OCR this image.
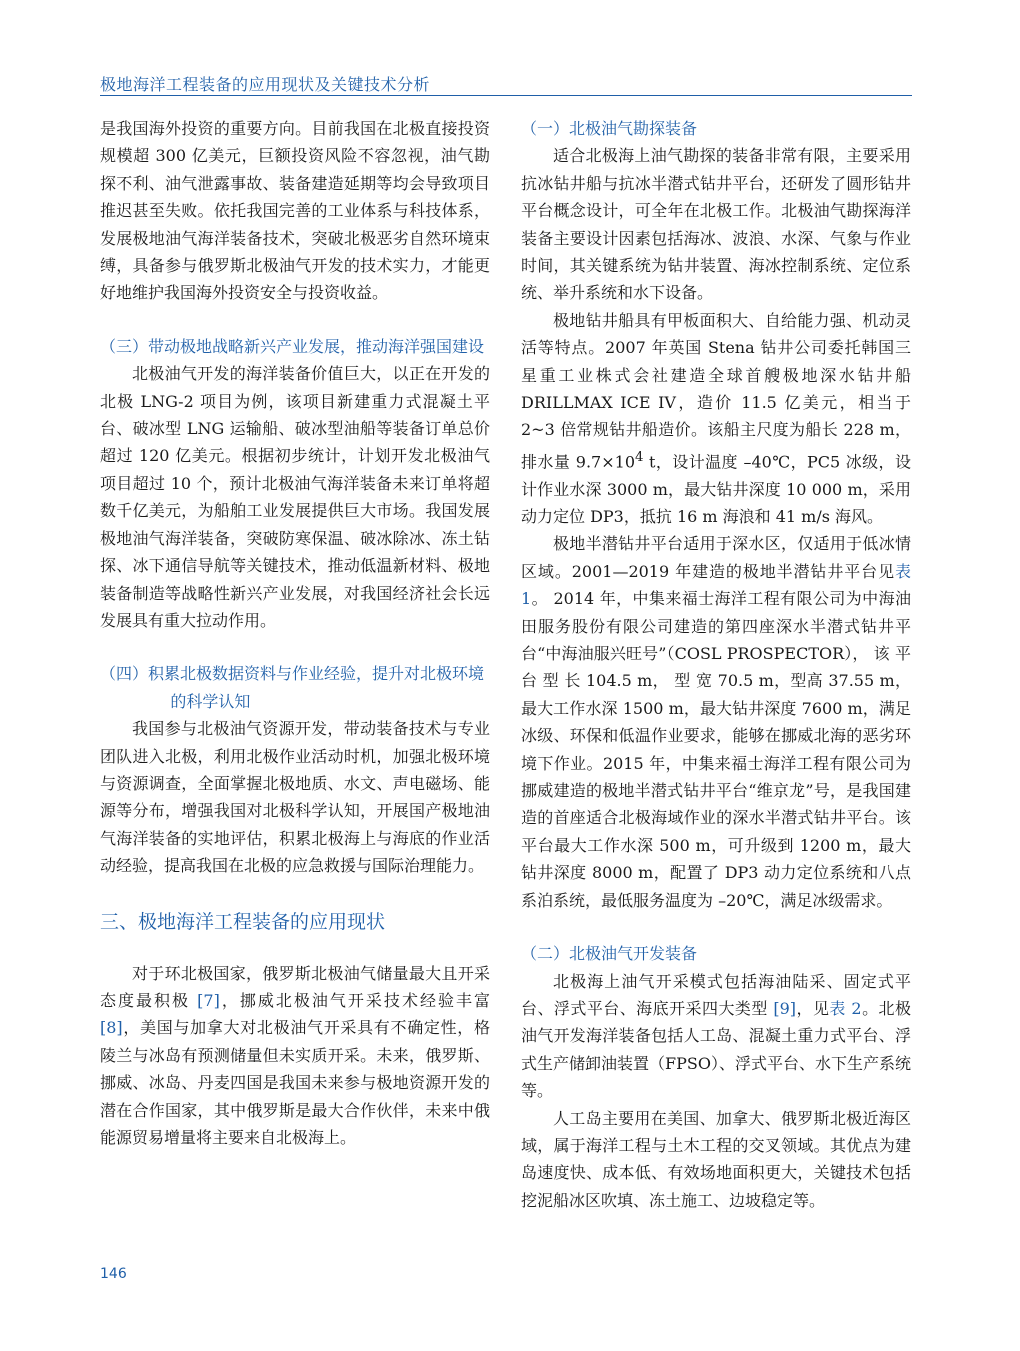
极地海洋工程装备的应用现状及关键技术分析

是我国海外投资的重要方向。目前我国在北极直接投资规模超 300 亿美元，巨额投资风险不容忽视，油气勘探不利、油气泄露事故、装备建造延期等均会导致项目推迟甚至失败。依托我国完善的工业体系与科技体系，发展极地油气海洋装备技术，突破北极恶劣自然环境束缚，具备参与俄罗斯北极油气开发的技术实力，才能更好地维护我国海外投资安全与投资收益。

（三）带动极地战略新兴产业发展，推动海洋强国建设

北极油气开发的海洋装备价值巨大，以正在开发的北极 LNG-2 项目为例，该项目新建重力式混凝土平台、破冰型 LNG 运输船、破冰型油船等装备订单总价超过 120 亿美元。根据初步统计，计划开发北极油气项目超过 10 个，预计北极油气海洋装备未来订单将超数千亿美元，为船舶工业发展提供巨大市场。我国发展极地油气海洋装备，突破防寒保温、破冰除冰、冻土钻探、冰下通信导航等关键技术，推动低温新材料、极地装备制造等战略性新兴产业发展，对我国经济社会长远发展具有重大拉动作用。

（四）积累北极数据资料与作业经验，提升对北极环境的科学认知

我国参与北极油气资源开发，带动装备技术与专业团队进入北极，利用北极作业活动时机，加强北极环境与资源调查，全面掌握北极地质、水文、声电磁场、能源等分布，增强我国对北极科学认知，开展国产极地油气海洋装备的实地评估，积累北极海上与海底的作业活动经验，提高我国在北极的应急救援与国际治理能力。

三、极地海洋工程装备的应用现状

对于环北极国家，俄罗斯北极油气储量最大且开采态度最积极 [7]，挪威北极油气开采技术经验丰富 [8]，美国与加拿大对北极油气开采具有不确定性，格陵兰与冰岛有预测储量但未实质开采。未来，俄罗斯、挪威、冰岛、丹麦四国是我国未来参与极地资源开发的潜在合作国家，其中俄罗斯是最大合作伙伴，未来中俄能源贸易增量将主要来自北极海上。

（一）北极油气勘探装备

适合北极海上油气勘探的装备非常有限，主要采用抗冰钻井船与抗冰半潜式钻井平台，还研发了圆形钻井平台概念设计，可全年在北极工作。北极油气勘探海洋装备主要设计因素包括海冰、波浪、水深、气象与作业时间，其关键系统为钻井装置、海冰控制系统、定位系统、举升系统和水下设备。

极地钻井船具有甲板面积大、自给能力强、机动灵活等特点。2007 年英国 Stena 钻井公司委托韩国三星重工业株式会社建造全球首艘极地深水钻井船 DRILLMAX ICE IV，造价 11.5 亿美元，相当于 2~3 倍常规钻井船造价。该船主尺度为船长 228 m，排水量 $9.7\times 10^4$ t，设计温度 –40℃，PC5 冰级，设计作业水深 3000 m，最大钻井深度 10 000 m，采用动力定位 DP3，抵抗 16 m 海浪和 41 m/s 海风。

极地半潜钻井平台适用于深水区，仅适用于低冰情区域。2001—2019 年建造的极地半潜钻井平台见表 1。 2014 年，中集来福士海洋工程有限公司为中海油田服务股份有限公司建造的第四座深水半潜式钻井平台“中海油服兴旺号”（COSL PROSPECTOR）， 该 平 台 型 长 104.5 m， 型 宽 70.5 m，型高 37.55 m，最大工作水深 1500 m，最大钻井深度 7600 m，满足冰级、环保和低温作业要求，能够在挪威北海的恶劣环境下作业。2015 年，中集来福士海洋工程有限公司为挪威建造的极地半潜式钻井平台“维京龙”号，是我国建造的首座适合北极海域作业的深水半潜式钻井平台。该平台最大工作水深 500 m，可升级到 1200 m，最大钻井深度 8000 m，配置了 DP3 动力定位系统和八点系泊系统，最低服务温度为 –20℃，满足冰级需求。

（二）北极油气开发装备

北极海上油气开采模式包括海油陆采、固定式平台、浮式平台、海底开采四大类型 [9]，见表 2。北极油气开发海洋装备包括人工岛、混凝土重力式平台、浮式生产储卸油装置（FPSO）、浮式平台、水下生产系统等。

人工岛主要用在美国、加拿大、俄罗斯北极近海区域，属于海洋工程与土木工程的交叉领域。其优点为建岛速度快、成本低、有效场地面积更大，关键技术包括挖泥船冰区吹填、冻土施工、边坡稳定等。

146
